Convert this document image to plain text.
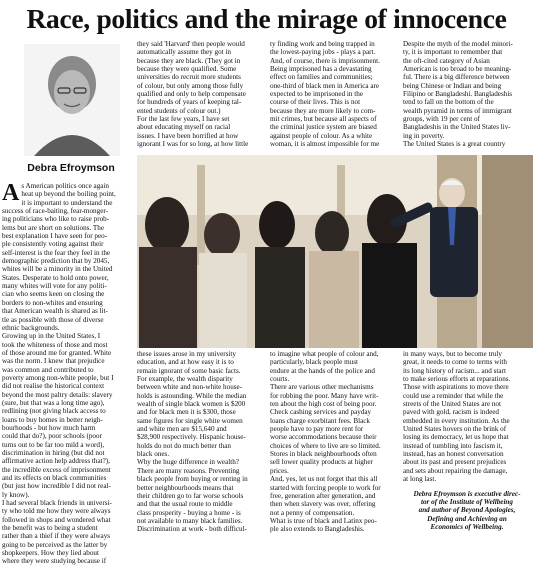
Race, politics and the mirage of innocence
Debra Efroymson
A s American politics once again

heat up beyond the boiling point,

it is important to understand the

success of race-baiting, fear-monger-

ing politicians who like to raise prob-

lems but are short on solutions. The

best explanation I have seen for peo-

ple consistently voting against their

self-interest is the fear they feel in the

demographic prediction that by 2045,

whites will be a minority in the United

States. Desperate to hold onto power,

many whites will vote for any politi-

cian who seems keen on closing the

borders to non-whites and ensuring

that American wealth is shared as lit-

tle as possible with those of diverse

ethnic backgrounds.

Growing up in the United States, I

took the whiteness of those and most

of those around me for granted. White

was the norm. I knew that prejudice

was common and contributed to

poverty among non-white people, but I

did not realise the historical context

beyond the most paltry details: slavery

(sure, but that was a long time ago),

redlining (not giving black access to

loans to buy homes in better neigh-

bourhoods - but how much harm

could that do?), poor schools (poor

turns out to be far too mild a word),

discrimination in hiring (but did not

affirmative action help address that?),

the incredible excess of imprisonment

and its effects on black communities

(but just how incredible I did not real-

ly know).

I had several black friends in universi-

ty who told me how they were always

followed in shops and wondered what

the benefit was to being a student

rather than a thief if they were always

going to be perceived as the latter by

shopkeepers. How they lied about

where they were studying because if

they said 'Harvard' then people would

automatically assume they got in

because they are black. (They got in

because they were qualified. Some

universities do recruit more students

of colour, but only among those fully

qualified and only to help compensate

for hundreds of years of keeping tal-

ented students of colour out.)

For the last few years, I have set

about educating myself on racial

issues. I have been horrified at how

ignorant I was for so long, at how little

ty finding work and being trapped in

the lowest-paying jobs - plays a part.

And, of course, there is imprisonment.

Being imprisoned has a devastating

effect on families and communities;

one-third of black men in America are

expected to be imprisoned in the

course of their lives. This is not

because they are more likely to com-

mit crimes, but because all aspects of

the criminal justice system are biased

against people of colour. As a white

woman, it is almost impossible for me

Despite the myth of the model minori-

ty, it is important to remember that

the oft-cited category of Asian

American is too broad to be meaning-

ful. There is a big difference between

being Chinese or Indian and being

Filipino or Bangladeshi. Bangladeshis

tend to fall on the bottom of the

wealth pyramid in terms of immigrant

groups, with 19 per cent of

Bangladeshis in the United States liv-

ing in poverty.

The United States is a great country

these issues arose in my university

education, and at how easy it is to

remain ignorant of some basic facts.

For example, the wealth disparity

between white and non-white house-

holds is astounding. While the median

wealth of single black women is $200

and for black men it is $300, those

same figures for single white women

and white men are $15,640 and

$28,900 respectively. Hispanic house-

holds do not do much better than

black ones.

Why the huge difference in wealth?

There are many reasons. Preventing

black people from buying or renting in

better neighbourhoods means that

their children go to far worse schools

and that the usual route to middle

class prosperity - buying a home - is

not available to many black families.

Discrimination at work - both difficul-

to imagine what people of colour and,

particularly, black people must

endure at the hands of the police and

courts.

There are various other mechanisms

for robbing the poor. Many have writ-

ten about the high cost of being poor.

Check cashing services and payday

loans charge exorbitant fees. Black

people have to pay more rent for

worse accommodations because their

choices of where to live are so limited.

Stores in black neighbourhoods often

sell lower quality products at higher

prices.

And, yes, let us not forget that this all

started with forcing people to work for

free, generation after generation, and

then when slavery was over, offering

not a penny of compensation.

What is true of black and Latinx peo-

ple also extends to Bangladeshis.

in many ways, but to become truly

great, it needs to come to terms with

its long history of racism... and start

to make serious efforts at reparations.

Those with aspirations to move there

could use a reminder that while the

streets of the United States are not

paved with gold, racism is indeed

embedded in every institution. As the

United States hovers on the brink of

losing its democracy, let us hope that

instead of tumbling into fascism it,

instead, has an honest conversation

about its past and present prejudices

and sets about repairing the damage,

at long last.

Debra Efroymson is executive direc-

tor of the Institute of Wellbeing

and author of Beyond Apologies,

Defining and Achieving an

Economics of Wellbeing.
